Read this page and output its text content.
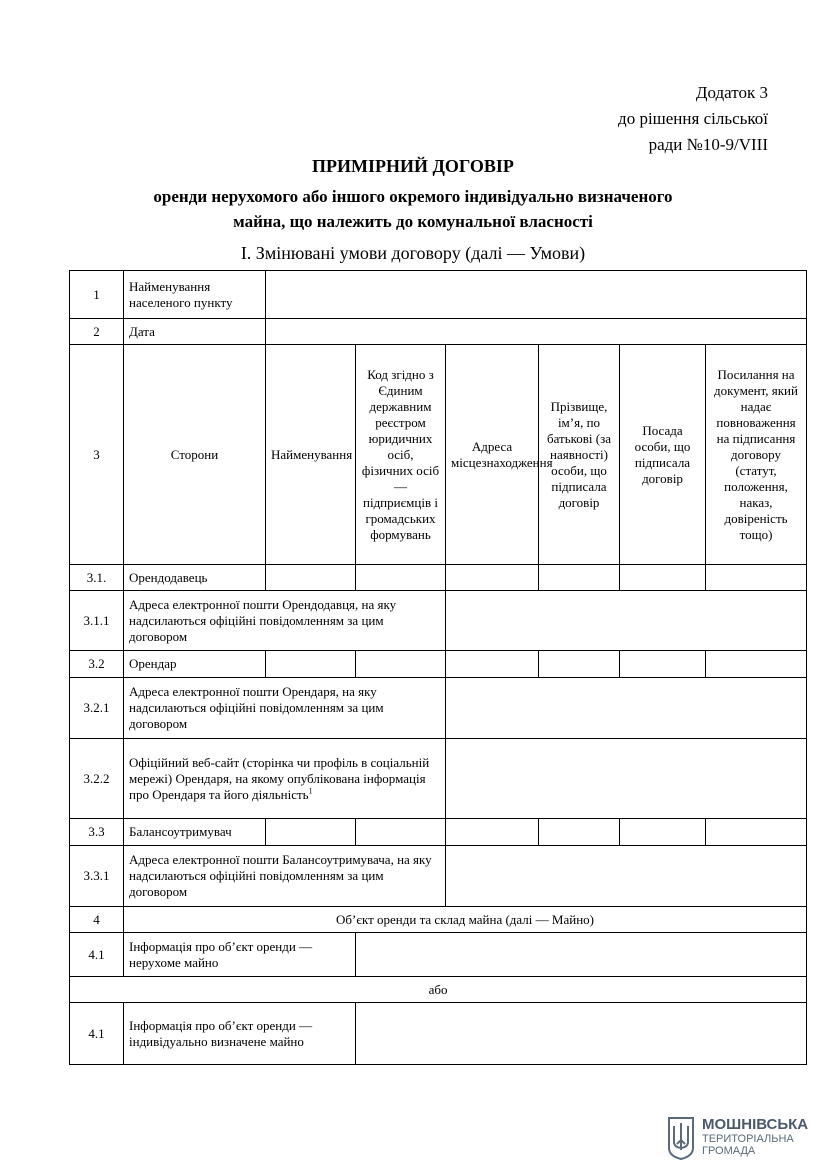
Додаток 3
до рішення сільської
ради №10-9/VIII
ПРИМІРНИЙ ДОГОВІР
оренди нерухомого або іншого окремого індивідуально визначеного
майна, що належить до комунальної власності
І. Змінювані умови договору (далі — Умови)
1	Найменування населеного пункту						
2	Дата						
3	Сторони	Найменування	Код згідно з Єдиним державним реєстром юридичних осіб, фізичних осіб — підприємців і громадських формувань	Адреса місцезнаходження	Прізвище, ім’я, по батькові (за наявності) особи, що підписала договір	Посада особи, що підписала договір	Посилання на документ, який надає повноваження на підписання договору (статут, положення, наказ, довіреність тощо)
3.1.	Орендодавець						
3.1.1	Адреса електронної пошти Орендодавця, на яку надсилаються офіційні повідомленням за цим договором						
3.2	Орендар						
3.2.1	Адреса електронної пошти Орендаря, на яку надсилаються офіційні повідомленням за цим договором						
3.2.2	Офіційний веб-сайт (сторінка чи профіль в соціальній мережі) Орендаря, на якому опублікована інформація про Орендаря та його діяльність$^1$	
3.3	Балансоутримувач						
3.3.1	Адреса електронної пошти Балансоутримувача, на яку надсилаються офіційні повідомленням за цим договором						
4	Об’єкт оренди та склад майна (далі — Майно)						
4.1	Інформація про об’єкт оренди — нерухоме майно						
або							
4.1	Інформація про об’єкт оренди — індивідуально визначене майно						
МОШНІВСЬКА
ТЕРИТОРІАЛЬНА
ГРОМАДА
